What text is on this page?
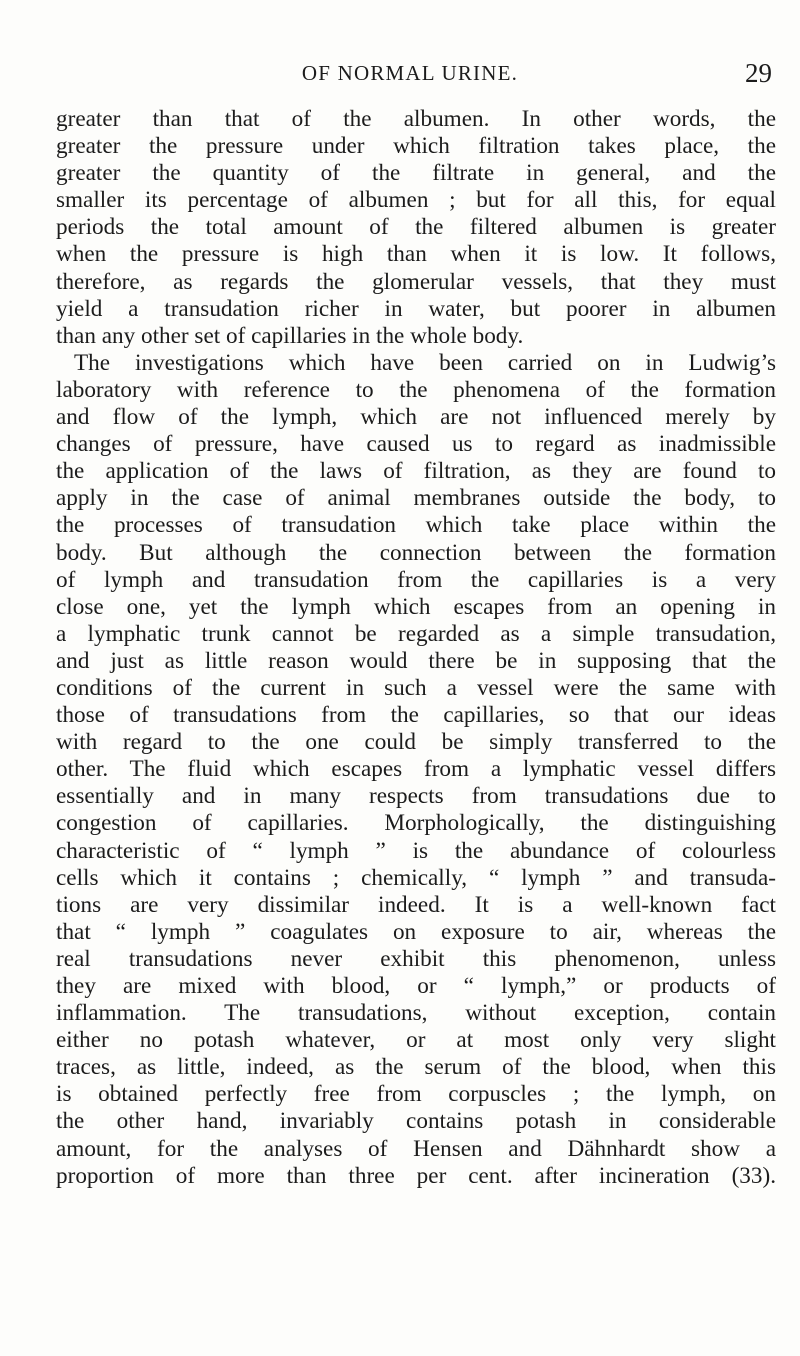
OF NORMAL URINE.	29
greater than that of the albumen. In other words, the
greater the pressure under which filtration takes place, the
greater the quantity of the filtrate in general, and the
smaller its percentage of albumen ; but for all this, for equal
periods the total amount of the filtered albumen is greater
when the pressure is high than when it is low. It follows,
therefore, as regards the glomerular vessels, that they must
yield a transudation richer in water, but poorer in albumen
than any other set of capillaries in the whole body.
The investigations which have been carried on in Ludwig’s
laboratory with reference to the phenomena of the formation
and flow of the lymph, which are not influenced merely by
changes of pressure, have caused us to regard as inadmissible
the application of the laws of filtration, as they are found to
apply in the case of animal membranes outside the body, to
the processes of transudation which take place within the
body. But although the connection between the formation
of lymph and transudation from the capillaries is a very
close one, yet the lymph which escapes from an opening in
a lymphatic trunk cannot be regarded as a simple transudation,
and just as little reason would there be in supposing that the
conditions of the current in such a vessel were the same with
those of transudations from the capillaries, so that our ideas
with regard to the one could be simply transferred to the
other. The fluid which escapes from a lymphatic vessel differs
essentially and in many respects from transudations due to
congestion of capillaries. Morphologically, the distinguishing
characteristic of “ lymph ” is the abundance of colourless
cells which it contains ; chemically, “ lymph ” and transuda-
tions are very dissimilar indeed. It is a well-known fact
that “ lymph ” coagulates on exposure to air, whereas the
real transudations never exhibit this phenomenon, unless
they are mixed with blood, or “ lymph,” or products of
inflammation. The transudations, without exception, contain
either no potash whatever, or at most only very slight
traces, as little, indeed, as the serum of the blood, when this
is obtained perfectly free from corpuscles ; the lymph, on
the other hand, invariably contains potash in considerable
amount, for the analyses of Hensen and Dähnhardt show a
proportion of more than three per cent. after incineration (33).
